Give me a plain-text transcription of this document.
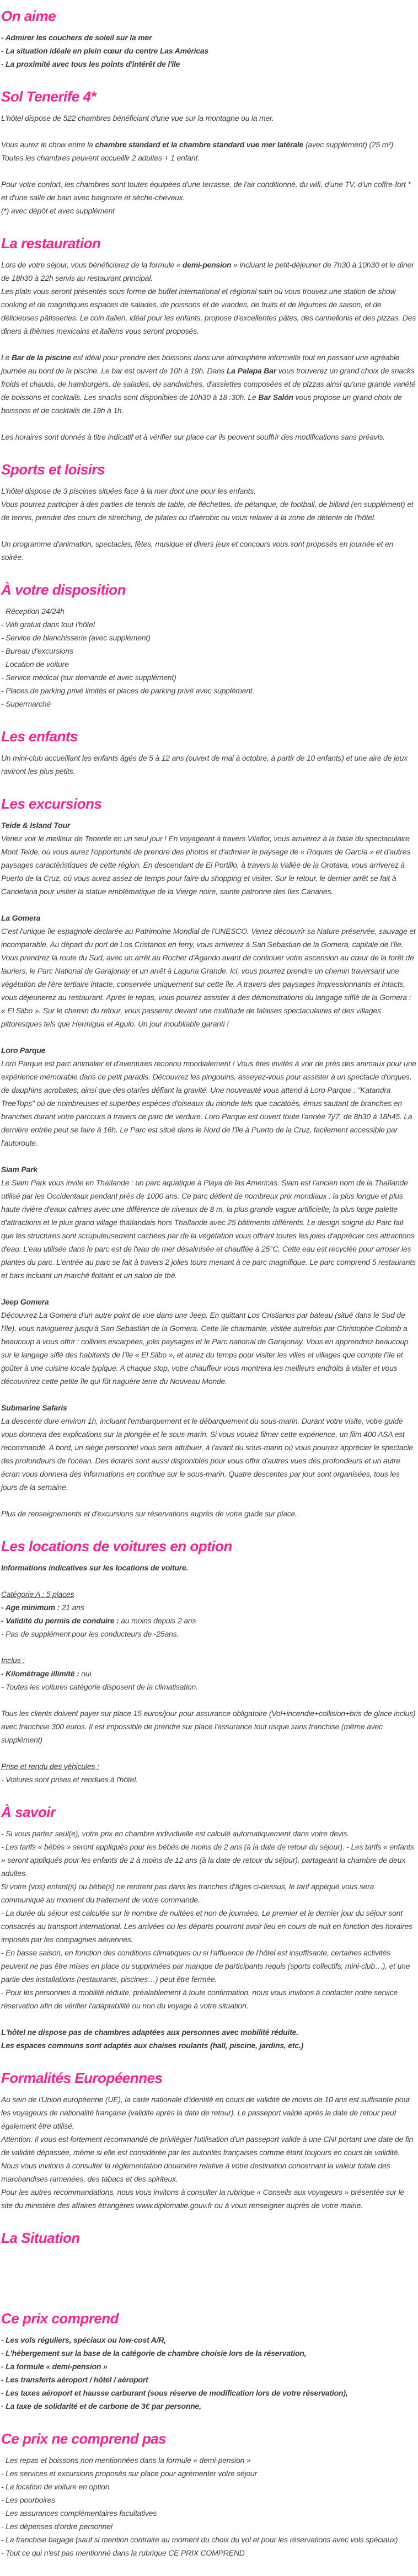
On aime
- Admirer les couchers de soleil sur la mer
- La situation idéale en plein cœur du centre Las Américas
- La proximité avec tous les points d'intérêt de l'île
Sol Tenerife 4*
L'hôtel dispose de 522 chambres bénéficiant d'une vue sur la montagne ou la mer.
Vous aurez le choix entre la chambre standard et la chambre standard vue mer latérale (avec supplément) (25 m²). Toutes les chambres peuvent accueillir 2 adultes + 1 enfant.
Pour votre confort, les chambres sont toutes équipées d'une terrasse, de l'air conditionné, du wifi, d'une TV, d'un coffre-fort * et d'une salle de bain avec baignoire et sèche-cheveux.
(*) avec dépôt et avec supplément
La restauration
Lors de votre séjour, vous bénéficierez de la formule « demi-pension » incluant le petit-déjeuner de 7h30 à 10h30 et le diner de 18h30 à 22h servis au restaurant principal.
Les plats vous seront présentés sous forme de buffet international et régional sain où vous trouvez une station de show cooking et de magnifiques espaces de salades, de poissons et de viandes, de fruits et de légumes de saison, et de délicieuses pâtisseries. Le coin italien, idéal pour les enfants, propose d'excellentes pâtes, des cannellonis et des pizzas. Des diners à thèmes mexicains et italiens vous seront proposés.
Le Bar de la piscine est idéal pour prendre des boissons dans une atmosphère informelle tout en passant une agréable journée au bord de la piscine. Le bar est ouvert de 10h à 19h. Dans La Palapa Bar vous trouverez un grand choix de snacks froids et chauds, de hamburgers, de salades, de sandwiches, d'assiettes composées et de pizzas ainsi qu'une grande variété de boissons et cocktails. Les snacks sont disponibles de 10h30 à 18 :30h. Le Bar Salón vous propose un grand choix de boissons et de cocktails de 19h à 1h.
Les horaires sont donnés à titre indicatif et à vérifier sur place car ils peuvent souffrir des modifications sans préavis.
Sports et loisirs
L'hôtel dispose de 3 piscines situées face à la mer dont une pour les enfants.
Vous pourrez participer à des parties de tennis de table, de fléchettes, de pétanque, de football, de billard (en supplément) et de tennis, prendre des cours de stretching, de pilates ou d'aérobic ou vous relaxer à la zone de détente de l'hôtel.
Un programme d'animation, spectacles, fêtes, musique et divers jeux et concours vous sont proposés en journée et en soirée.
À votre disposition
- Réception 24/24h
- Wifi gratuit dans tout l'hôtel
- Service de blanchisserie (avec supplément)
- Bureau d'excursions
- Location de voiture
- Service médical (sur demande et avec supplément)
- Places de parking privé limités et places de parking privé avec supplément.
- Supermarché
Les enfants
Un mini-club accueillant les enfants âgés de 5 à 12 ans (ouvert de mai à octobre, à partir de 10 enfants) et une aire de jeux raviront les plus petits.
Les excursions
Teide & Island Tour
Venez voir le meilleur de Tenerife en un seul jour ! En voyageant à travers Vilaflor, vous arriverez à la base du spectaculaire Mont Teide, où vous aurez l'opportunité de prendre des photos et d'admirer le paysage de « Roques de García » et d'autres paysages caractéristiques de cette région. En descendant de El Portillo, à travers la Vallée de la Orotava, vous arriverez à Puerto de la Cruz, où vous aurez assez de temps pour faire du shopping et visiter. Sur le retour, le dernier arrêt se fait à Candelaria pour visiter la statue emblématique de la Vierge noire, sainte patronne des Iles Canaries.
La Gomera
C'est l'unique île espagnole declarée au Patrimoine Mondial de l'UNESCO. Venez découvrir sa Nature préservée, sauvage et incomparable. Au départ du port de Los Cristanos en ferry, vous arriverez à San Sebastian de la Gomera, capitale de l'île. Vous prendrez la route du Sud, avec un arrêt au Rocher d'Agando avant de continuer votre ascension au cœur de la forêt de lauriers, le Parc National de Garajonay et un arrêt à Laguna Grande. Ici, vous pourrez prendre un chemin traversant une végétation de l'ère tertiaire intacte, conservée uniquement sur cette île. A travers des paysages impressionnants et intacts, vous déjeunerez au restaurant. Après le repas, vous pourrez assister à des démonstrations du langage sifflé de la Gomera : « El Silbo ». Sur le chemin du retour, vous passerez devant une multitude de falaises spectaculaires et des villages pittoresques tels que Hermigua et Agulo. Un jour inoubliable garanti !
Loro Parque
Loro Parque est parc animalier et d'aventures reconnu mondialement ! Vous êtes invités à voir de près des animaux pour une expérience mémorable dans ce petit paradis. Découvrez les pingouins, asseyez-vous pour assister à un spectacle d'orques, de dauphins acrobates, ainsi que des otaries défiant la gravité. Une nouveauté vous attend à Loro Parque : "Katandra TreeTops" où de nombreuses et superbes espèces d'oiseaux du monde tels que cacatoès, émus sautant de branches en branches durant votre parcours à travers ce parc de verdure. Loro Parque est ouvert toute l'année 7j/7, de 8h30 à 18h45. La dernière entrée peut se faire à 16h. Le Parc est situé dans le Nord de l'île à Puerto de la Cruz, facilement accessible par l'autoroute.
Siam Park
Le Siam Park vous invite en Thaïlande : un parc aquatique à Playa de las Americas. Siam est l'ancien nom de la Thaïlande utilisé par les Occidentaux pendant près de 1000 ans. Ce parc détient de nombreux prix mondiaux : la plus longue et plus haute rivière d'eaux calmes avec une différence de niveaux de 8 m, la plus grande vague artificielle, la plus large palette d'attractions et le plus grand village thaïlandais hors Thaïlande avec 25 bâtiments différents. Le design soigné du Parc fait que les structures sont scrupuleusement cachées par de la végétation vous offrant toutes les joies d'apprécier ces attractions d'eau. L'eau utilisée dans le parc est de l'eau de mer désalinisée et chauffée à 25°C. Cette eau est recyclée pour arroser les plantes du parc. L'entrée au parc se fait à travers 2 jolies tours menant à ce parc magnifique. Le parc comprend 5 restaurants et bars incluant un marché flottant et un salon de thé.
Jeep Gomera
Découvrez La Gomera d'un autre point de vue dans une Jeep. En quittant Los Cristianos par bateau (situé dans le Sud de l'île), vous naviguerez jusqu'à San Sebastián de la Gomera. Cette île charmante, visitée autrefois par Christophe Colomb a beaucoup à vous offrir : collines escarpées, jolis paysages et le Parc national de Garajonay. Vous en apprendrez beaucoup sur le langage siflé des habitants de l'île « El Silbo », et aurez du temps pour visiter les villes et villages que compte l'île et goûter à une cuisine locale typique. A chaque stop, votre chauffeur vous montrera les meilleurs endroits à visiter et vous découvrirez cette petite île qui fût naguère terre du Nouveau Monde.
Submarine Safaris
La descente dure environ 1h, incluant l'embarquement et le débarquement du sous-marin. Durant votre visite, votre guide vous donnera des explications sur la plongée et le sous-marin. Si vous voulez filmer cette expérience, un film 400 ASA est recommandé. A bord, un siège personnel vous sera attribuer, à l'avant du sous-marin où vous pourrez apprécier le spectacle des profondeurs de l'océan. Des écrans sont aussi disponibles pour vous offrir d'autres vues des profondeurs et un autre écran vous donnera des informations en continue sur le sous-marin. Quatre descentes par jour sont organisées, tous les jours de la semaine.
Plus de renseignements et d'excursions sur réservations auprès de votre guide sur place.
Les locations de voitures en option
Informations indicatives sur les locations de voiture.
Catégorie A : 5 places
- Age minimum : 21 ans
- Validité du permis de conduire : au moins depuis 2 ans
- Pas de supplément pour les conducteurs de -25ans.
Inclus :
- Kilométrage illimité : oui
- Toutes les voitures catégorie disposent de la climatisation.
Tous les clients doivent payer sur place 15 euros/jour pour assurance obligatoire (Vol+incendie+collision+bris de glace inclus) avec franchise 300 euros. Il est impossible de prendre sur place l'assurance tout risque sans franchise (même avec supplément)
Prise et rendu des véhicules :
- Voitures sont prises et rendues à l'hôtel.
À savoir
- Si vous partez seul(e), votre prix en chambre individuelle est calculé automatiquement dans votre devis.
- Les tarifs « bébés » seront appliqués pour les bébés de moins de 2 ans (à la date de retour du séjour). - Les tarifs « enfants » seront appliqués pour les enfants de 2 à moins de 12 ans (à la date de retour du séjour), partageant la chambre de deux adultes.
Si votre (vos) enfant(s) ou bébé(s) ne rentrent pas dans les tranches d'âges ci-dessus, le tarif appliqué vous sera communiqué au moment du traitement de votre commande.
- La durée du séjour est calculée sur le nombre de nuitées et non de journées. Le premier et le dernier jour du séjour sont consacrés au transport international. Les arrivées ou les départs pourront avoir lieu en cours de nuit en fonction des horaires imposés par les compagnies aériennes.
- En basse saison, en fonction des conditions climatiques ou si l'affluence de l'hôtel est insuffisante, certaines activités peuvent ne pas être mises en place ou supprimées par manque de participants requis (sports collectifs, mini-club…), et une partie des installations (restaurants, piscines…) peut être fermée.
- Pour les personnes à mobilité réduite, préalablement à toute confirmation, nous vous invitons à contacter notre service réservation afin de vérifier l'adaptabilité ou non du voyage à votre situation.
L'hôtel ne dispose pas de chambres adaptées aux personnes avec mobilité réduite.
Les espaces communs sont adaptés aux chaises roulants (hall, piscine, jardins, etc.)
Formalités Européennes
Au sein de l'Union européenne (UE), la carte nationale d'identité en cours de validité de moins de 10 ans est suffisante pour les voyageurs de nationalité française (validite après la date de retour). Le passeport valide après la date de retour peut également être utilisé.
Attention: Il vous est fortement recommandé de privilégier l'utilisation d'un passeport valide à une CNI portant une date de fin de validité dépassée, même si elle est considérée par les autorités françaises comme étant toujours en cours de validité.
Nous vous invitons à consulter la réglementation douanière relative à votre destination concernant la valeur totale des marchandises ramenées, des tabacs et des spiriteux.
Pour les autres recommandations, nous vous invitons à consulter la rubrique « Conseils aux voyageurs » présentée sur le site du ministère des affaires étrangères www.diplomatie.gouv.fr ou à vous renseigner auprès de votre mairie.
La Situation
Ce prix comprend
- Les vols réguliers, spéciaux ou low-cost A/R,
- L'hébergement sur la base de la catégorie de chambre choisie lors de la réservation,
- La formule « demi-pension »
- Les transferts aéroport / hôtel / aéroport
- Les taxes aéroport et hausse carburant (sous réserve de modification lors de votre réservation),
- La taxe de solidarité et de carbone de 3€ par personne,
Ce prix ne comprend pas
- Les repas et boissons non mentionnées dans la formule « demi-pension »
- Les services et excursions proposés sur place pour agrémenter votre séjour
- La location de voiture en option
- Les pourboires
- Les assurances complémentaires facultatives
- Les dépenses d'ordre personnel
- La franchise bagage (sauf si mention contraire au moment du choix du vol et pour les réservations avec vols spéciaux)
- Tout ce qui n'est pas mentionné dans la rubrique CE PRIX COMPREND
